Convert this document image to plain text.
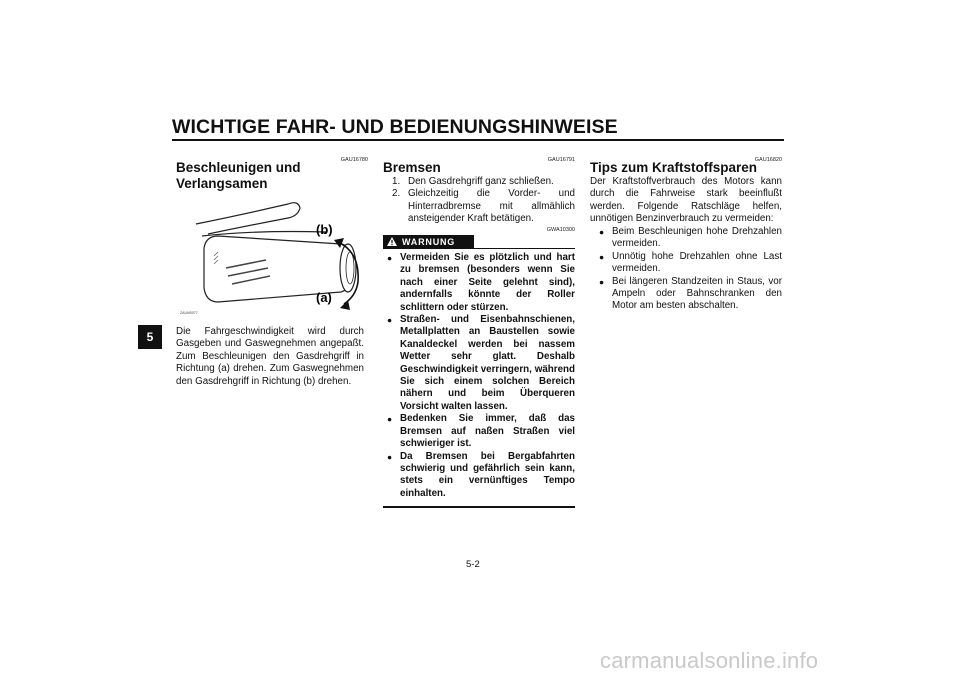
WICHTIGE FAHR- UND BEDIENUNGSHINWEISE
5
GAU16780
Beschleunigen und
Verlangsamen
(b)
(a)
ZAUM0077
Die Fahrgeschwindigkeit wird durch Gasgeben und Gaswegnehmen angepaßt. Zum Beschleunigen den Gasdrehgriff in Richtung (a) drehen. Zum Gaswegnehmen den Gasdrehgriff in Richtung (b) drehen.
GAU16791
Bremsen
1. Den Gasdrehgriff ganz schließen.
2. Gleichzeitig die Vorder- und Hinterradbremse mit allmählich ansteigender Kraft betätigen.
GWA10300
WARNUNG
● Vermeiden Sie es plötzlich und hart zu bremsen (besonders wenn Sie nach einer Seite gelehnt sind), andernfalls könnte der Roller schlittern oder stürzen.
● Straßen- und Eisenbahnschienen, Metallplatten an Baustellen sowie Kanaldeckel werden bei nassem Wetter sehr glatt. Deshalb Geschwindigkeit verringern, während Sie sich einem solchen Bereich nähern und beim Überqueren Vorsicht walten lassen.
● Bedenken Sie immer, daß das Bremsen auf naßen Straßen viel schwieriger ist.
● Da Bremsen bei Bergabfahrten schwierig und gefährlich sein kann, stets ein vernünftiges Tempo einhalten.
GAU16820
Tips zum Kraftstoffsparen
Der Kraftstoffverbrauch des Motors kann durch die Fahrweise stark beeinflußt werden. Folgende Ratschläge helfen, unnötigen Benzinverbrauch zu vermeiden:
● Beim Beschleunigen hohe Drehzahlen vermeiden.
● Unnötig hohe Drehzahlen ohne Last vermeiden.
● Bei längeren Standzeiten in Staus, vor Ampeln oder Bahnschranken den Motor am besten abschalten.
5-2
carmanualsonline.info
